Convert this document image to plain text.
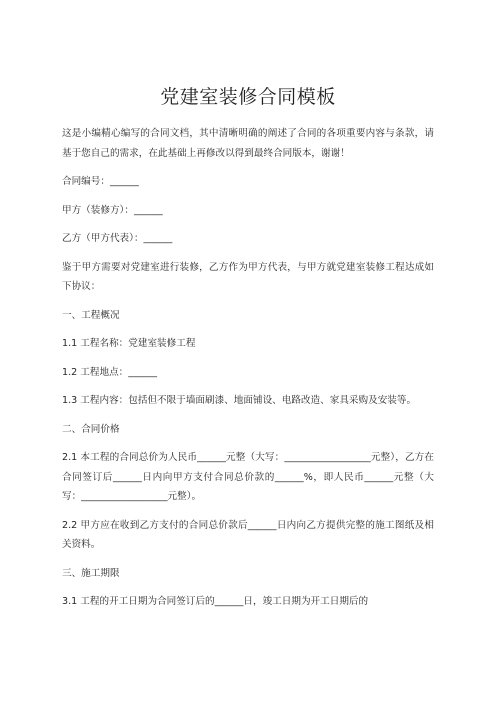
党建室装修合同模板

这是小编精心编写的合同文档，其中清晰明确的阐述了合同的各项重要内容与条款，请基于您自己的需求，在此基础上再修改以得到最终合同版本，谢谢！

合同编号：______

甲方（装修方）：______

乙方（甲方代表）：______

鉴于甲方需要对党建室进行装修，乙方作为甲方代表，与甲方就党建室装修工程达成如下协议：

一、工程概况

1.1 工程名称：党建室装修工程

1.2 工程地点：______

1.3 工程内容：包括但不限于墙面刷漆、地面铺设、电路改造、家具采购及安装等。

二、合同价格

2.1 本工程的合同总价为人民币______元整（大写：__________________元整），乙方在合同签订后______日内向甲方支付合同总价款的______%，即人民币______元整（大写：__________________元整）。

2.2 甲方应在收到乙方支付的合同总价款后______日内向乙方提供完整的施工图纸及相关资料。

三、施工期限

3.1 工程的开工日期为合同签订后的______日，竣工日期为开工日期后的
